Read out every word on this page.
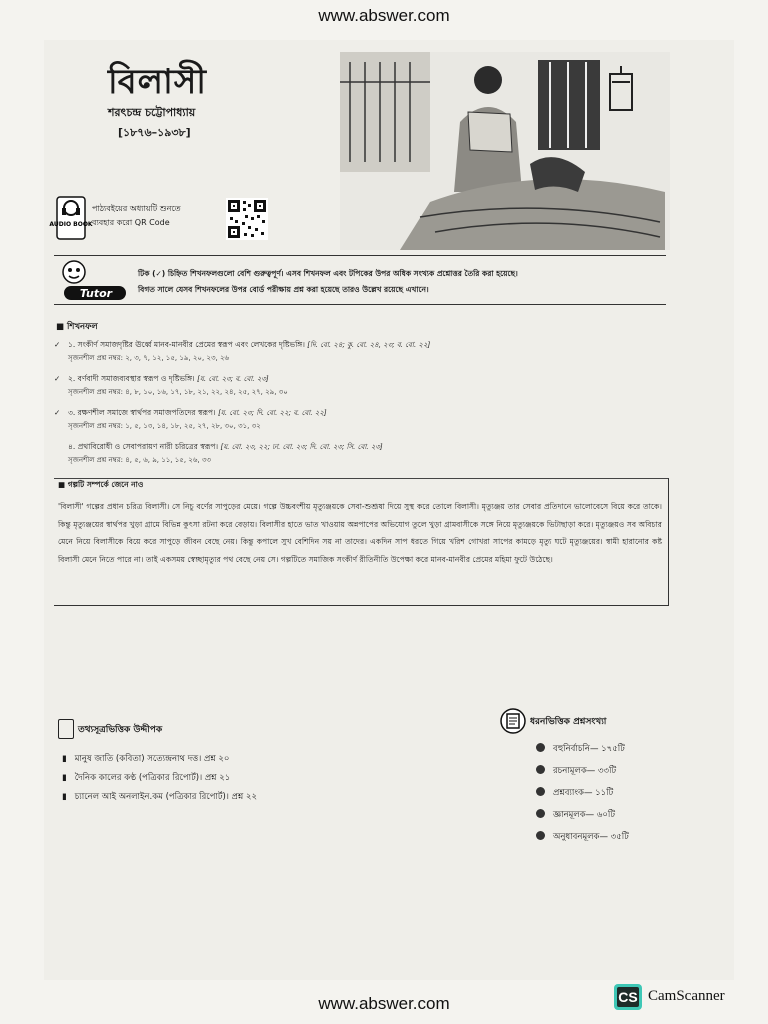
www.abswer.com
বিলাসী
শরৎচন্দ্র চট্টোপাধ্যায়
[১৮৭৬–১৯৩৮]
AUDIO BOOK
পাঠ্যবইয়ের অধ্যায়টি শুনতে
ব্যবহার করো QR Code
Tutor
টিক (✓) চিহ্নিত শিখনফলগুলো বেশি গুরুত্বপূর্ণ। এসব শিখনফল এবং টপিকের উপর অধিক সংখ্যক প্রশ্নোত্তর তৈরি করা হয়েছে।
বিগত সালে যেসব শিখনফলের উপর বোর্ড পরীক্ষায় প্রশ্ন করা হয়েছে তারও উল্লেখ রয়েছে এখানে।
■ শিখনফল
✓ ১. সংকীর্ণ সমাজদৃষ্টির ঊর্ধ্বে মানব-মানবীর প্রেমের স্বরূপ এবং লেখকের দৃষ্টিভঙ্গি। [দি. বো. ২৪; কু. বো. ২৪, ২৩; ব. বো. ২২]
সৃজনশীল প্রশ্ন নম্বর: ২, ৩, ৭, ১২, ১৫, ১৯, ২০, ২৩, ২৬
✓ ২. বর্ণবাদী সমাজব্যবস্থার স্বরূপ ও দৃষ্টিভঙ্গি। [য. বো. ২৩; ব. বো. ২৩]
সৃজনশীল প্রশ্ন নম্বর: ৪, ৮, ১০, ১৬, ১৭, ১৮, ২১, ২২, ২৪, ২৫, ২৭, ২৯, ৩০
✓ ৩. রক্ষণশীল সমাজে স্বার্থপর সমাজপতিদের স্বরূপ। [য. বো. ২৩; দি. বো. ২২; ব. বো. ২২]
সৃজনশীল প্রশ্ন নম্বর: ১, ৫, ১৩, ১৪, ১৮, ২৫, ২৭, ২৮, ৩০, ৩১, ৩২
৪. প্রথাবিরোধী ও সেবাপরায়ণ নারী চরিত্রের স্বরূপ। [য. বো. ২৩, ২২; ঢা. বো. ২৩; দি. বো. ২৩; সি. বো. ২৩]
সৃজনশীল প্রশ্ন নম্বর: ৪, ৫, ৬, ৯, ১১, ১৫, ২৬, ৩৩
■ গল্পটি সম্পর্কে জেনে নাও
'বিলাসী' গল্পের প্রধান চরিত্র বিলাসী। সে নিচু বর্ণের সাপুড়ের মেয়ে। গল্পে উচ্চবংশীয় মৃত্যুঞ্জয়কে সেবা-শুশ্রূষা দিয়ে সুস্থ করে তোলে বিলাসী। মৃত্যুঞ্জয় তার সেবার প্রতিদানে ভালোবেসে বিয়ে করে তাকে। কিন্তু মৃত্যুঞ্জয়ের স্বার্থপর খুড়া গ্রামে বিভিন্ন কুৎসা রটনা করে বেড়ায়। বিলাসীর হাতে ভাত খাওয়ায় অন্নপাপের অভিযোগ তুলে খুড়া গ্রামবাসীকে সঙ্গে নিয়ে মৃত্যুঞ্জয়কে ভিটাছাড়া করে। মৃত্যুঞ্জয়ও সব অবিচার মেনে নিয়ে বিলাসীকে বিয়ে করে সাপুড়ে জীবন বেছে নেয়। কিন্তু কপালে সুখ বেশিদিন সয় না তাদের। একদিন সাপ ধরতে গিয়ে খরিশ গোখরা সাপের কামড়ে মৃত্যু ঘটে মৃত্যুঞ্জয়ের। স্বামী হারানোর কষ্ট বিলাসী মেনে নিতে পারে না। তাই একসময় স্বেচ্ছামৃত্যুর পথ বেছে নেয় সে। গল্পটিতে সমাজিক সংকীর্ণ রীতিনীতি উপেক্ষা করে মানব-মানবীর প্রেমের মহিমা ফুটে উঠেছে।
তথ্যসূত্রভিত্তিক উদ্দীপক
▮ মানুষ জাতি (কবিতা) সত্যেন্দ্রনাথ দত্ত। প্রশ্ন ২০
▮ দৈনিক কালের কণ্ঠ (পত্রিকার রিপোর্ট)। প্রশ্ন ২১
▮ চ্যানেল আই অনলাইন.কম (পত্রিকার রিপোর্ট)। প্রশ্ন ২২
ধরনভিত্তিক প্রশ্নসংখ্যা
বহুনির্বাচনি— ১৭৫টি
রচনামূলক— ৩৩টি
প্রশ্নব্যাংক— ১১টি
জ্ঞানমূলক— ৬০টি
অনুধাবনমূলক— ৩৫টি
www.abswer.com	CS CamScanner
